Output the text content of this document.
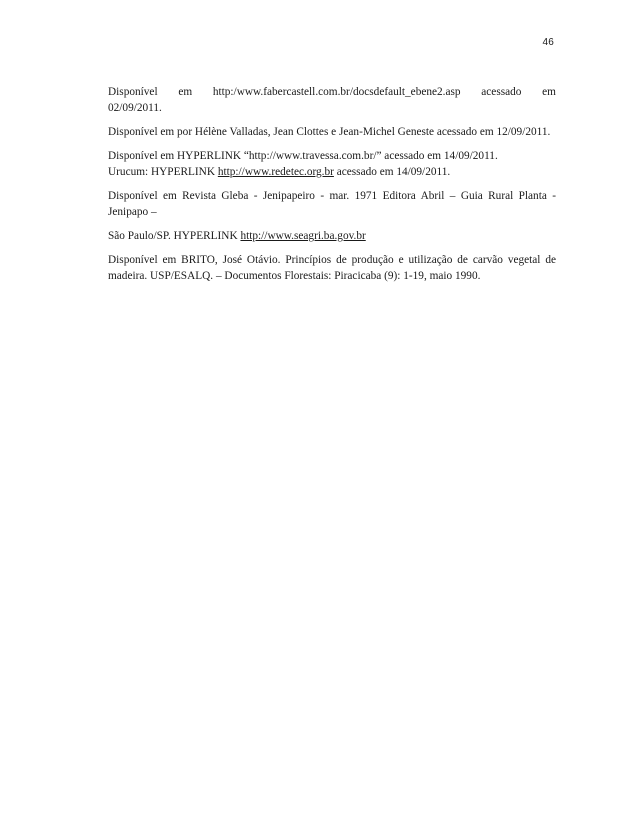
46
Disponível em http:/www.fabercastell.com.br/docsdefault_ebene2.asp acessado em
02/09/2011.
Disponível em por Hélène Valladas, Jean Clottes e Jean-Michel Geneste acessado em 12/09/2011.
Disponível em HYPERLINK “http://www.travessa.com.br/” acessado em 14/09/2011.
Urucum: HYPERLINK http://www.redetec.org.br acessado em 14/09/2011.
Disponível em Revista Gleba - Jenipapeiro - mar. 1971 Editora Abril – Guia Rural Planta - Jenipapo –
São Paulo/SP. HYPERLINK http://www.seagri.ba.gov.br
Disponível em BRITO, José Otávio. Princípios de produção e utilização de carvão vegetal de madeira. USP/ESALQ. – Documentos Florestais: Piracicaba (9): 1-19, maio 1990.
